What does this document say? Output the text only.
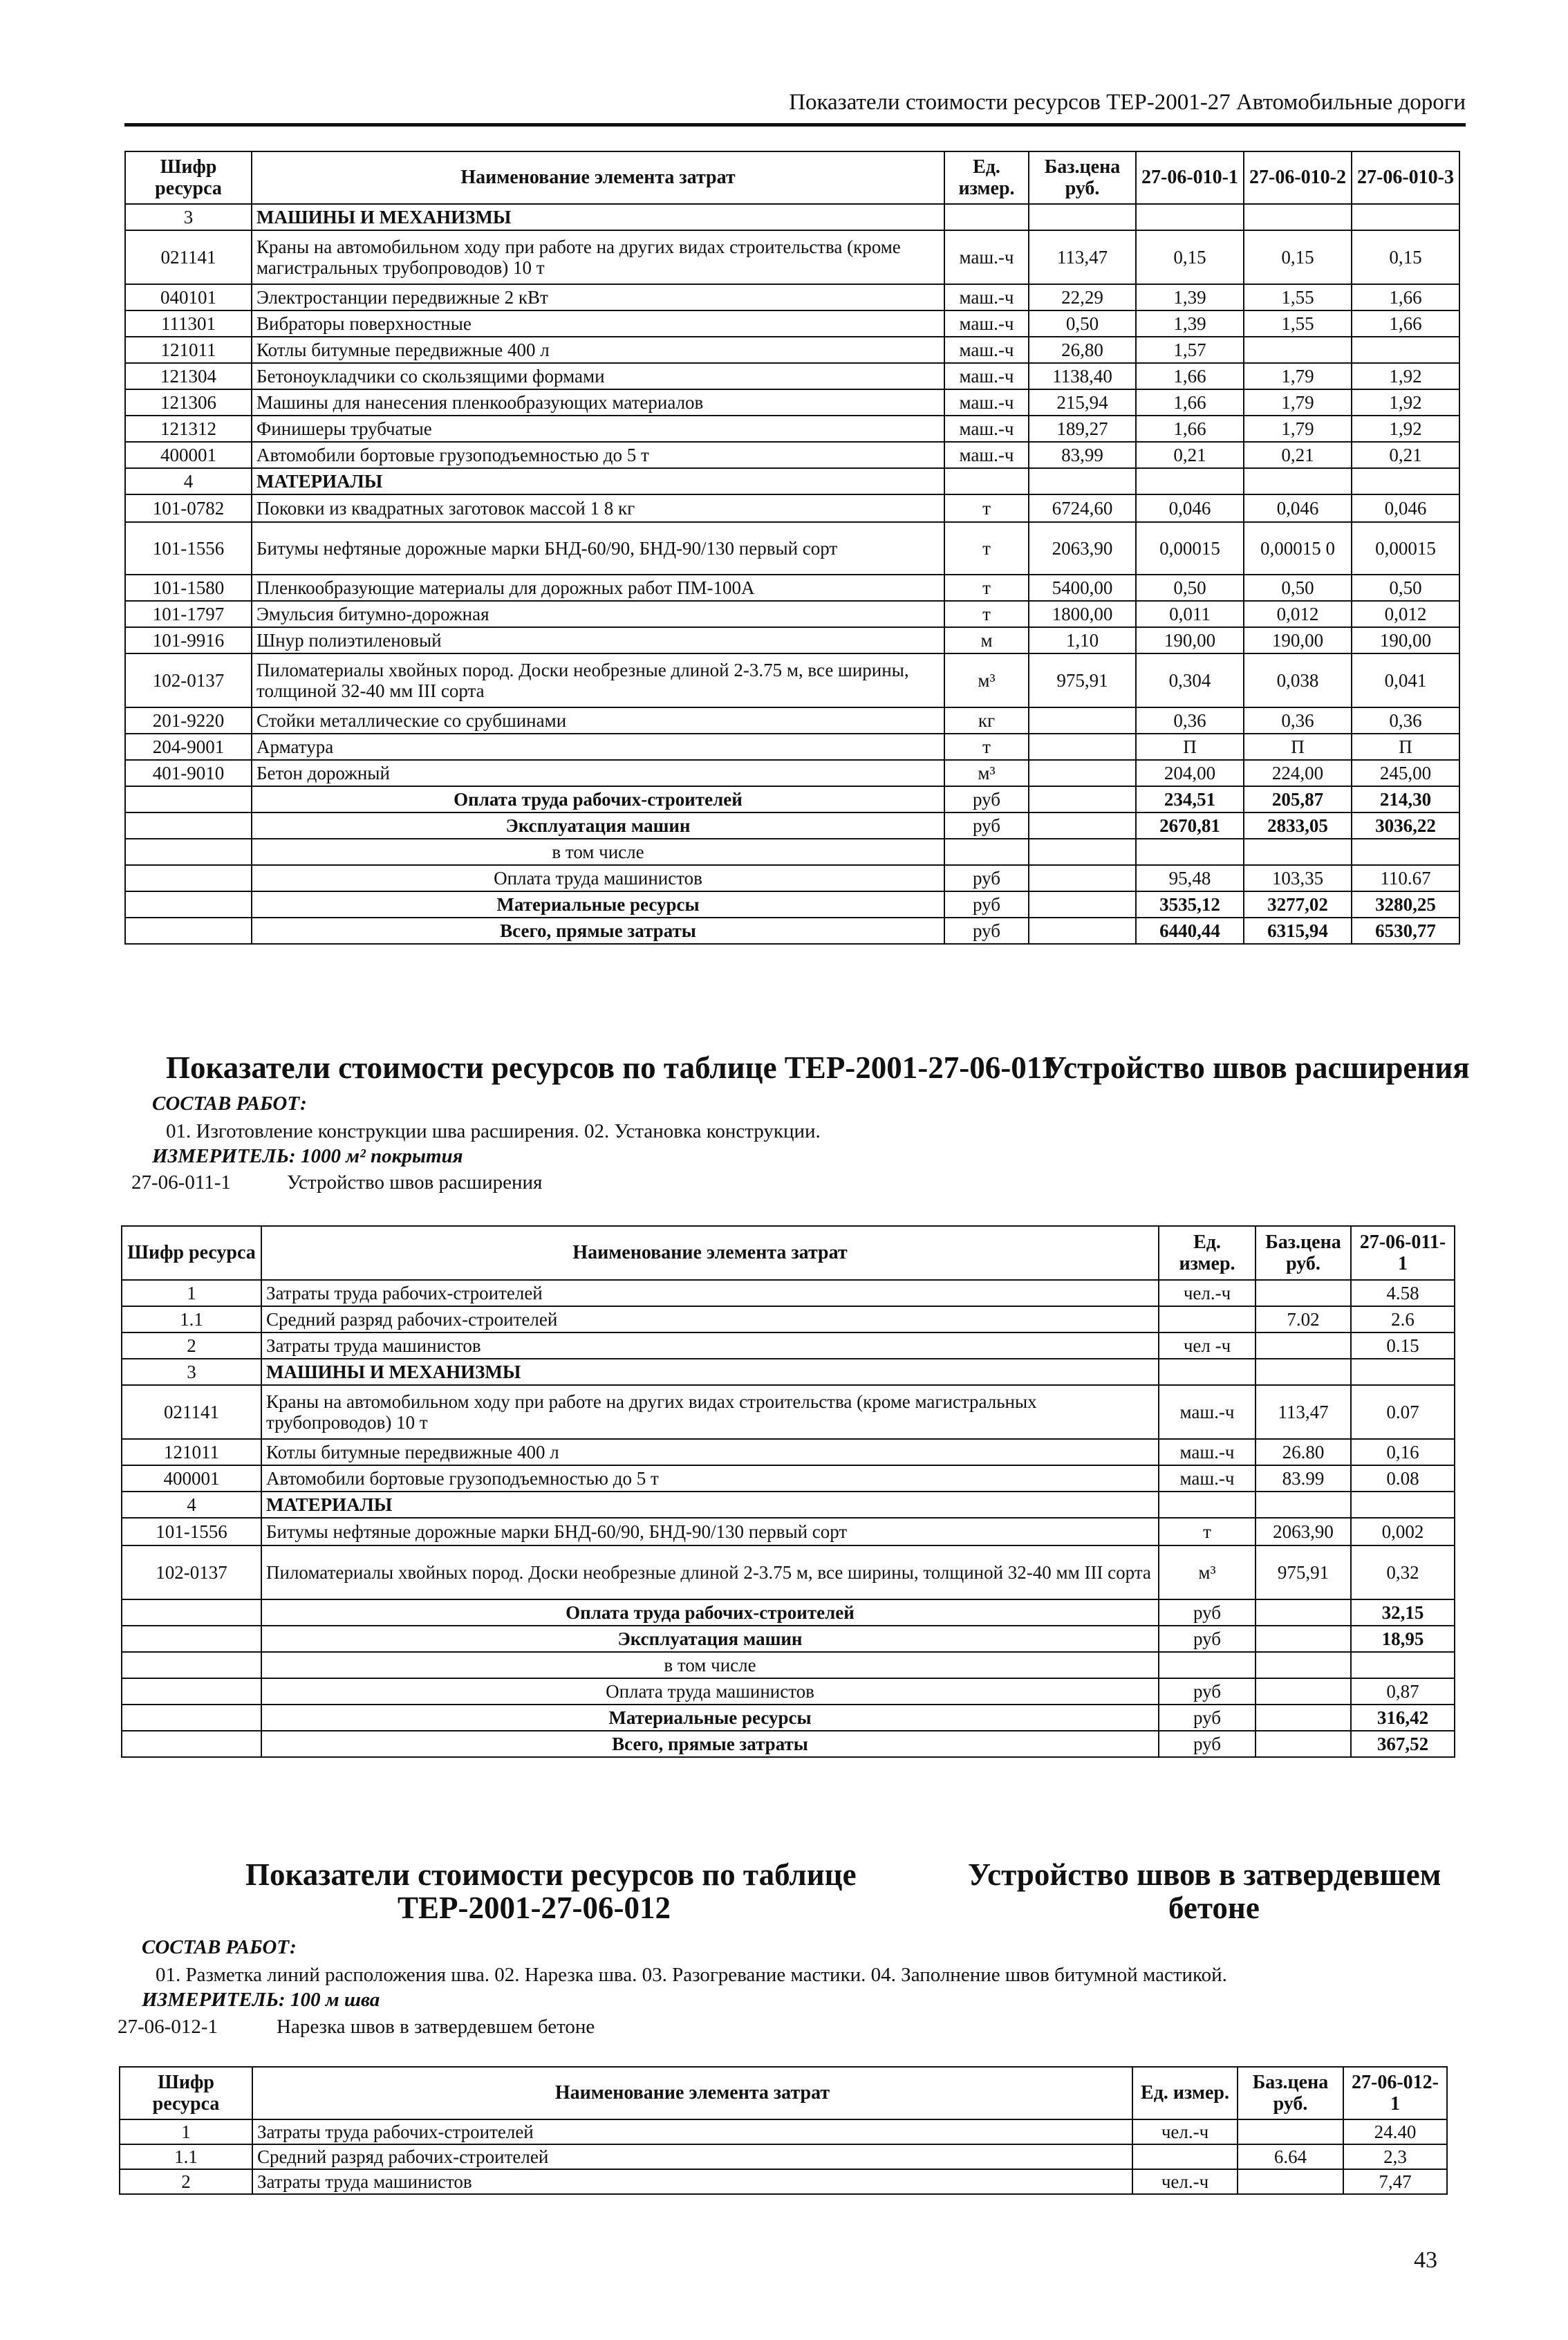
Показатели стоимости ресурсов ТЕР-2001-27 Автомобильные дороги
Шифр ресурса	Наименование элемента затрат	Ед. измер.	Баз.цена руб.	27-06-010-1	27-06-010-2	27-06-010-3
3	МАШИНЫ И МЕХАНИЗМЫ					
021141	Краны на автомобильном ходу при работе на других видах строительства (кроме магистральных трубопроводов) 10 т	маш.-ч	113,47	0,15	0,15	0,15
040101	Электростанции передвижные 2 кВт	маш.-ч	22,29	1,39	1,55	1,66
111301	Вибраторы поверхностные	маш.-ч	0,50	1,39	1,55	1,66
121011	Котлы битумные передвижные 400 л	маш.-ч	26,80	1,57		
121304	Бетоноукладчики со скользящими формами	маш.-ч	1138,40	1,66	1,79	1,92
121306	Машины для нанесения пленкообразующих материалов	маш.-ч	215,94	1,66	1,79	1,92
121312	Финишеры трубчатые	маш.-ч	189,27	1,66	1,79	1,92
400001	Автомобили бортовые грузоподъемностью до 5 т	маш.-ч	83,99	0,21	0,21	0,21
4	МАТЕРИАЛЫ					
101-0782	Поковки из квадратных заготовок массой 1 8 кг	т	6724,60	0,046	0,046	0,046
101-1556	Битумы нефтяные дорожные марки БНД-60/90, БНД-90/130 первый сорт	т	2063,90	0,00015	0,00015 0	0,00015
101-1580	Пленкообразующие материалы для дорожных работ ПМ-100А	т	5400,00	0,50	0,50	0,50
101-1797	Эмульсия битумно-дорожная	т	1800,00	0,011	0,012	0,012
101-9916	Шнур полиэтиленовый	м	1,10	190,00	190,00	190,00
102-0137	Пиломатериалы хвойных пород. Доски необрезные длиной 2-3.75 м, все ширины, толщиной 32-40 мм III сорта	м³	975,91	0,304	0,038	0,041
201-9220	Стойки металлические со срубшинами	кг		0,36	0,36	0,36
204-9001	Арматура	т		П	П	П
401-9010	Бетон дорожный	м³		204,00	224,00	245,00
	Оплата труда рабочих-строителей	руб		234,51	205,87	214,30
	Эксплуатация машин	руб		2670,81	2833,05	3036,22
	в том числе					
	Оплата труда машинистов	руб		95,48	103,35	110.67
	Материальные ресурсы	руб		3535,12	3277,02	3280,25
	Всего, прямые затраты	руб		6440,44	6315,94	6530,77
Показатели стоимости ресурсов по таблице ТЕР-2001-27-06-011
Устройство швов расширения
СОСТАВ РАБОТ:
01. Изготовление конструкции шва расширения. 02. Установка конструкции.
ИЗМЕРИТЕЛЬ: 1000 м² покрытия
27-06-011-1	Устройство швов расширения
Шифр ресурса	Наименование элемента затрат	Ед. измер.	Баз.цена руб.	27-06-011-1
1	Затраты труда рабочих-строителей	чел.-ч		4.58
1.1	Средний разряд рабочих-строителей		7.02	2.6
2	Затраты труда машинистов	чел -ч		0.15
3	МАШИНЫ И МЕХАНИЗМЫ			
021141	Краны на автомобильном ходу при работе на других видах строительства (кроме магистральных трубопроводов) 10 т	маш.-ч	113,47	0.07
121011	Котлы битумные передвижные 400 л	маш.-ч	26.80	0,16
400001	Автомобили бортовые грузоподъемностью до 5 т	маш.-ч	83.99	0.08
4	МАТЕРИАЛЫ			
101-1556	Битумы нефтяные дорожные марки БНД-60/90, БНД-90/130 первый сорт	т	2063,90	0,002
102-0137	Пиломатериалы хвойных пород. Доски необрезные длиной 2-3.75 м, все ширины, толщиной 32-40 мм III сорта	м³	975,91	0,32
	Оплата труда рабочих-строителей	руб		32,15
	Эксплуатация машин	руб		18,95
	в том числе			
	Оплата труда машинистов	руб		0,87
	Материальные ресурсы	руб		316,42
	Всего, прямые затраты	руб		367,52
Показатели стоимости ресурсов по таблице
ТЕР-2001-27-06-012
Устройство швов в затвердевшем
бетоне
СОСТАВ РАБОТ:
01. Разметка линий расположения шва. 02. Нарезка шва. 03. Разогревание мастики. 04. Заполнение швов битумной мастикой.
ИЗМЕРИТЕЛЬ: 100 м шва
27-06-012-1	Нарезка швов в затвердевшем бетоне
Шифр ресурса	Наименование элемента затрат	Ед. измер.	Баз.цена руб.	27-06-012-1
1	Затраты труда рабочих-строителей	чел.-ч		24.40
1.1	Средний разряд рабочих-строителей		6.64	2,3
2	Затраты труда машинистов	чел.-ч		7,47
43
